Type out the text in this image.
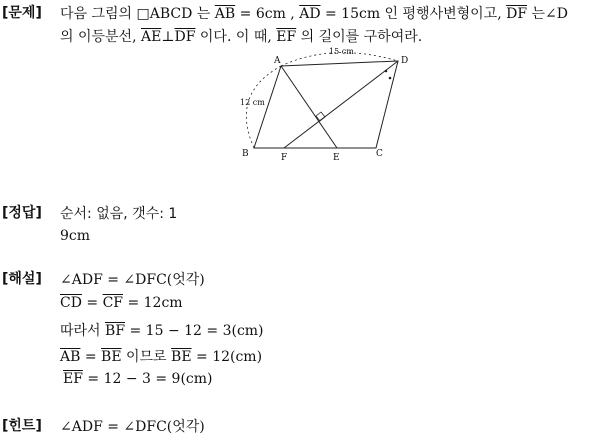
[문제] 다음 그림의 □ABCD 는 $\overline{AB} = 6cm$ , $\overline{AD} = 15cm$ 인 평행사변형이고, $\overline{DF}$ 는∠D
의 이등분선, $\overline{AE}\perp\overline{DF}$ 이다. 이 때, $\overline{EF}$ 의 길이를 구하여라.
A	D
B	F	E	C
15 cm
12 cm
[정답] 순서: 없음, 갯수: 1
9cm
[해설] ∠ADF = ∠DFC(엇각)
$\overline{CD} = \overline{CF} = 12cm$
따라서 $\overline{BF} = 15 - 12 = 3(cm)$
$\overline{AB} = \overline{BE}$ 이므로 $\overline{BE} = 12(cm)$
$\overline{EF} = 12 - 3 = 9(cm)$
[힌트] ∠ADF = ∠DFC(엇각)
